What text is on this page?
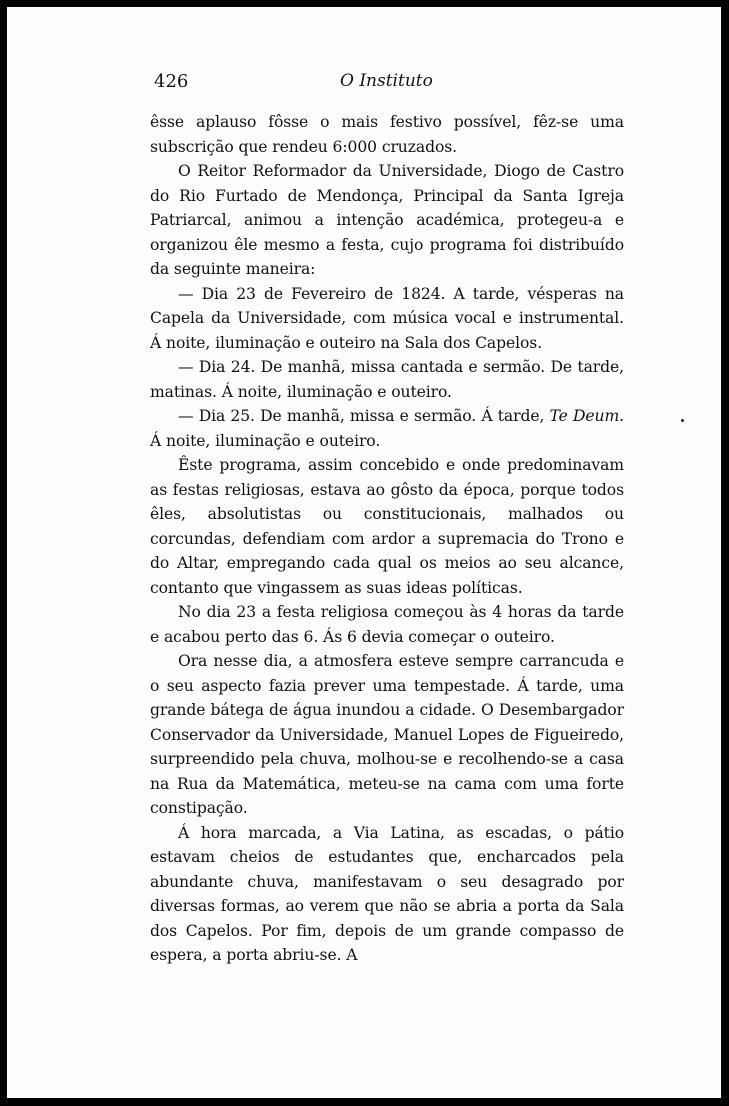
426	O Instituto

êsse aplauso fôsse o mais festivo possível, fêz-se uma subscrição que rendeu 6:000 cruzados.

O Reitor Reformador da Universidade, Diogo de Castro do Rio Furtado de Mendonça, Principal da Santa Igreja Patriarcal, animou a intenção académica, protegeu-a e organizou êle mesmo a festa, cujo programa foi distribuído da seguinte maneira:

— Dia 23 de Fevereiro de 1824. A tarde, vésperas na Capela da Universidade, com música vocal e instrumental. Á noite, iluminação e outeiro na Sala dos Capelos.

— Dia 24. De manhã, missa cantada e sermão. De tarde, matinas. Á noite, iluminação e outeiro.

— Dia 25. De manhã, missa e sermão. Á tarde, Te Deum. Á noite, iluminação e outeiro.

Êste programa, assim concebido e onde predominavam as festas religiosas, estava ao gôsto da época, porque todos êles, absolutistas ou constitucionais, malhados ou corcundas, defendiam com ardor a supremacia do Trono e do Altar, empregando cada qual os meios ao seu alcance, contanto que vingassem as suas ideas políticas.

No dia 23 a festa religiosa começou às 4 horas da tarde e acabou perto das 6. Ás 6 devia começar o outeiro.

Ora nesse dia, a atmosfera esteve sempre carrancuda e o seu aspecto fazia prever uma tempestade. Á tarde, uma grande bátega de água inundou a cidade. O Desembargador Conservador da Universidade, Manuel Lopes de Figueiredo, surpreendido pela chuva, molhou-se e recolhendo-se a casa na Rua da Matemática, meteu-se na cama com uma forte constipação.

Á hora marcada, a Via Latina, as escadas, o pátio estavam cheios de estudantes que, encharcados pela abundante chuva, manifestavam o seu desagrado por diversas formas, ao verem que não se abria a porta da Sala dos Capelos. Por fim, depois de um grande compasso de espera, a porta abriu-se. A
